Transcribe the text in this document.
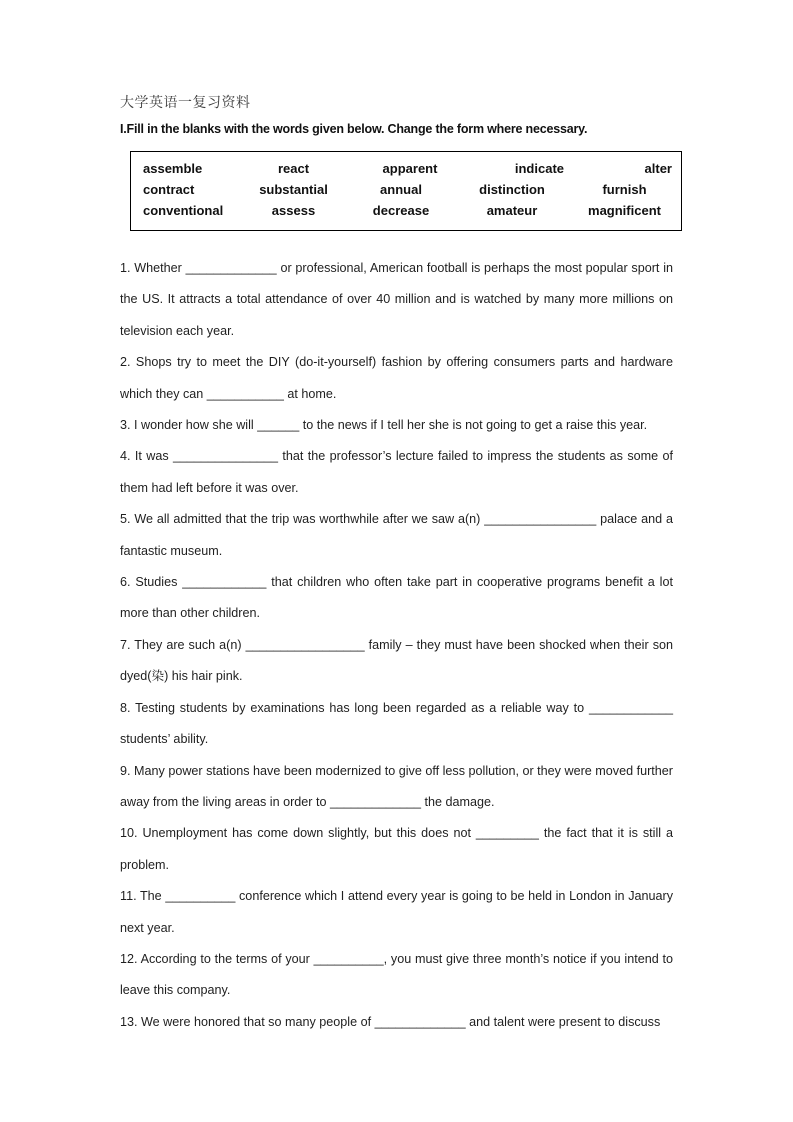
大学英语一复习资料
I.Fill in the blanks with the words given below. Change the form where necessary.
assemble	react	apparent	indicate	alter
contract	substantial	annual	distinction	furnish
conventional	assess	decrease	amateur	magnificent

1. Whether _____________ or professional, American football is perhaps the most popular sport in the US. It attracts a total attendance of over 40 million and is watched by many more millions on television each year.

2. Shops try to meet the DIY (do-it-yourself) fashion by offering consumers parts and hardware which they can ___________ at home.

3. I wonder how she will ______ to the news if I tell her she is not going to get a raise this year.

4. It was _______________ that the professor’s lecture failed to impress the students as some of them had left before it was over.

5. We all admitted that the trip was worthwhile after we saw a(n) ________________ palace and a fantastic museum.

6. Studies ____________ that children who often take part in cooperative programs benefit a lot more than other children.

7. They are such a(n) _________________ family – they must have been shocked when their son dyed(染) his hair pink.

8. Testing students by examinations has long been regarded as a reliable way to ____________ students’ ability.

9. Many power stations have been modernized to give off less pollution, or they were moved further away from the living areas in order to _____________ the damage.

10. Unemployment has come down slightly, but this does not _________ the fact that it is still a problem.

11. The __________ conference which I attend every year is going to be held in London in January next year.

12. According to the terms of your __________, you must give three month’s notice if you intend to leave this company.

13. We were honored that so many people of _____________ and talent were present to discuss
